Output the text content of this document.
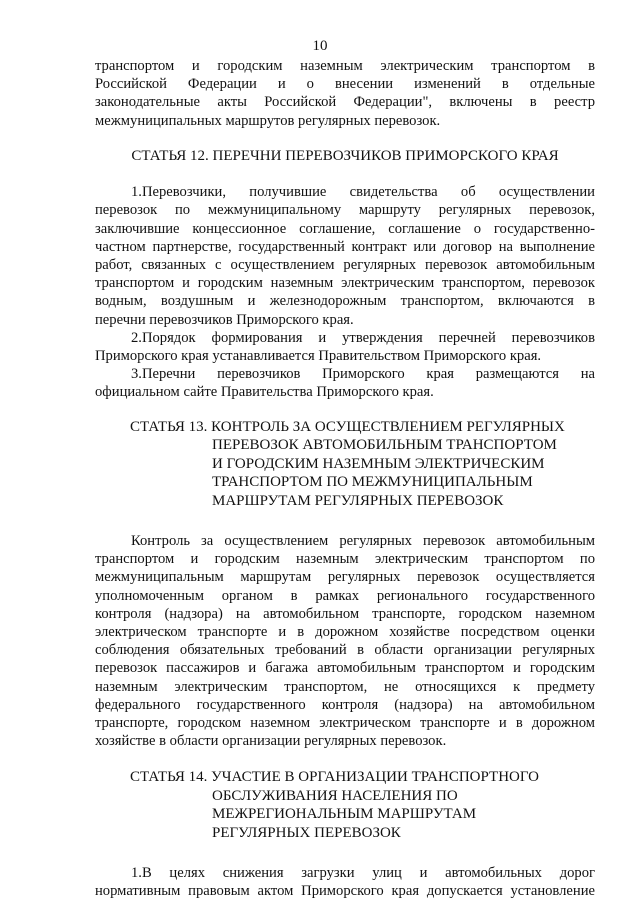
10
транспортом и городским наземным электрическим транспортом в
Российской Федерации и о внесении изменений в отдельные
законодательные акты Российской Федерации", включены в реестр
межмуниципальных маршрутов регулярных перевозок.
СТАТЬЯ 12. ПЕРЕЧНИ ПЕРЕВОЗЧИКОВ ПРИМОРСКОГО КРАЯ
1.Перевозчики, получившие свидетельства об осуществлении
перевозок по межмуниципальному маршруту регулярных перевозок,
заключившие концессионное соглашение, соглашение о государственно-
частном партнерстве, государственный контракт или договор на выполнение
работ, связанных с осуществлением регулярных перевозок автомобильным
транспортом и городским наземным электрическим транспортом, перевозок
водным, воздушным и железнодорожным транспортом, включаются в
перечни перевозчиков Приморского края.
2.Порядок формирования и утверждения перечней перевозчиков
Приморского края устанавливается Правительством Приморского края.
3.Перечни перевозчиков Приморского края размещаются на
официальном сайте Правительства Приморского края.
СТАТЬЯ 13. КОНТРОЛЬ ЗА ОСУЩЕСТВЛЕНИЕМ РЕГУЛЯРНЫХ
ПЕРЕВОЗОК АВТОМОБИЛЬНЫМ ТРАНСПОРТОМ
И ГОРОДСКИМ НАЗЕМНЫМ ЭЛЕКТРИЧЕСКИМ
ТРАНСПОРТОМ ПО МЕЖМУНИЦИПАЛЬНЫМ
МАРШРУТАМ РЕГУЛЯРНЫХ ПЕРЕВОЗОК
Контроль за осуществлением регулярных перевозок автомобильным
транспортом и городским наземным электрическим транспортом по
межмуниципальным маршрутам регулярных перевозок осуществляется
уполномоченным органом в рамках регионального государственного
контроля (надзора) на автомобильном транспорте, городском наземном
электрическом транспорте и в дорожном хозяйстве посредством оценки
соблюдения обязательных требований в области организации регулярных
перевозок пассажиров и багажа автомобильным транспортом и городским
наземным электрическим транспортом, не относящихся к предмету
федерального государственного контроля (надзора) на автомобильном
транспорте, городском наземном электрическом транспорте и в дорожном
хозяйстве в области организации регулярных перевозок.
СТАТЬЯ 14. УЧАСТИЕ В ОРГАНИЗАЦИИ ТРАНСПОРТНОГО
ОБСЛУЖИВАНИЯ НАСЕЛЕНИЯ ПО
МЕЖРЕГИОНАЛЬНЫМ МАРШРУТАМ
РЕГУЛЯРНЫХ ПЕРЕВОЗОК
1.В целях снижения загрузки улиц и автомобильных дорог
нормативным правовым актом Приморского края допускается установление
